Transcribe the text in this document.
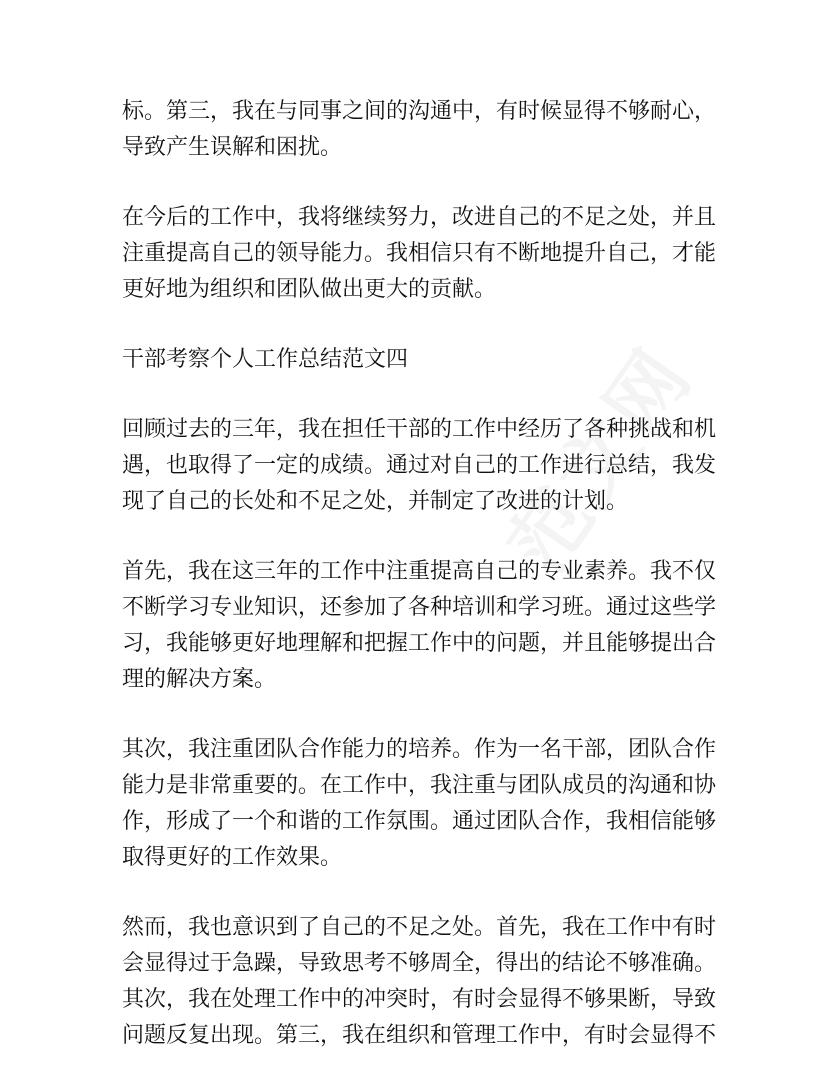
标。第三，我在与同事之间的沟通中，有时候显得不够耐心，
导致产生误解和困扰。

在今后的工作中，我将继续努力，改进自己的不足之处，并且
注重提高自己的领导能力。我相信只有不断地提升自己，才能
更好地为组织和团队做出更大的贡献。

干部考察个人工作总结范文四

回顾过去的三年，我在担任干部的工作中经历了各种挑战和机
遇，也取得了一定的成绩。通过对自己的工作进行总结，我发
现了自己的长处和不足之处，并制定了改进的计划。

首先，我在这三年的工作中注重提高自己的专业素养。我不仅
不断学习专业知识，还参加了各种培训和学习班。通过这些学
习，我能够更好地理解和把握工作中的问题，并且能够提出合
理的解决方案。

其次，我注重团队合作能力的培养。作为一名干部，团队合作
能力是非常重要的。在工作中，我注重与团队成员的沟通和协
作，形成了一个和谐的工作氛围。通过团队合作，我相信能够
取得更好的工作效果。

然而，我也意识到了自己的不足之处。首先，我在工作中有时
会显得过于急躁，导致思考不够周全，得出的结论不够准确。
其次，我在处理工作中的冲突时，有时会显得不够果断，导致
问题反复出现。第三，我在组织和管理工作中，有时会显得不
